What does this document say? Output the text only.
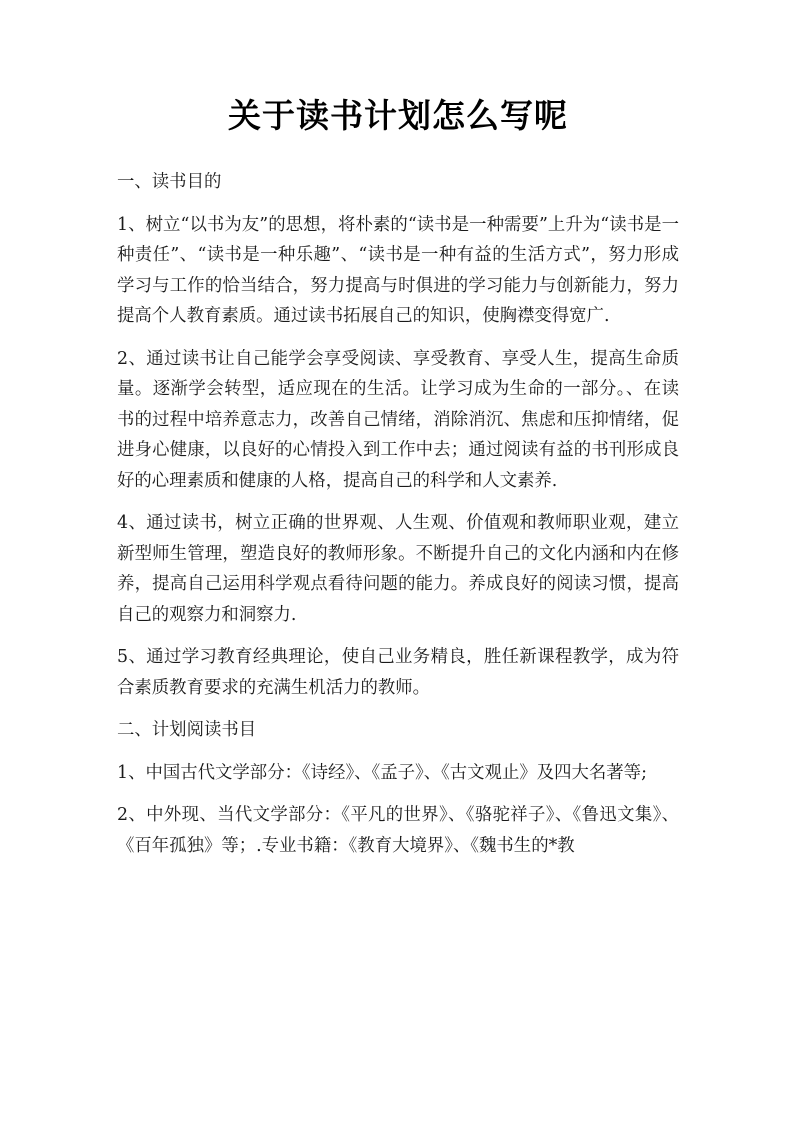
关于读书计划怎么写呢

一、读书目的

1、树立“以书为友”的思想，将朴素的“读书是一种需要”上升为“读书是一种责任”、“读书是一种乐趣”、“读书是一种有益的生活方式”，努力形成学习与工作的恰当结合，努力提高与时俱进的学习能力与创新能力，努力提高个人教育素质。通过读书拓展自己的知识，使胸襟变得宽广.

2、通过读书让自己能学会享受阅读、享受教育、享受人生，提高生命质量。逐渐学会转型，适应现在的生活。让学习成为生命的一部分。、在读书的过程中培养意志力，改善自己情绪，消除消沉、焦虑和压抑情绪，促进身心健康，以良好的心情投入到工作中去；通过阅读有益的书刊形成良好的心理素质和健康的人格，提高自己的科学和人文素养.

4、通过读书，树立正确的世界观、人生观、价值观和教师职业观，建立新型师生管理，塑造良好的教师形象。不断提升自己的文化内涵和内在修养，提高自己运用科学观点看待问题的能力。养成良好的阅读习惯，提高自己的观察力和洞察力.

5、通过学习教育经典理论，使自己业务精良，胜任新课程教学，成为符合素质教育要求的充满生机活力的教师。

二、计划阅读书目

1、中国古代文学部分：《诗经》、《孟子》、《古文观止》及四大名著等;

2、中外现、当代文学部分：《平凡的世界》、《骆驼祥子》、《鲁迅文集》、《百年孤独》等；.专业书籍：《教育大境界》、《魏书生的*教
